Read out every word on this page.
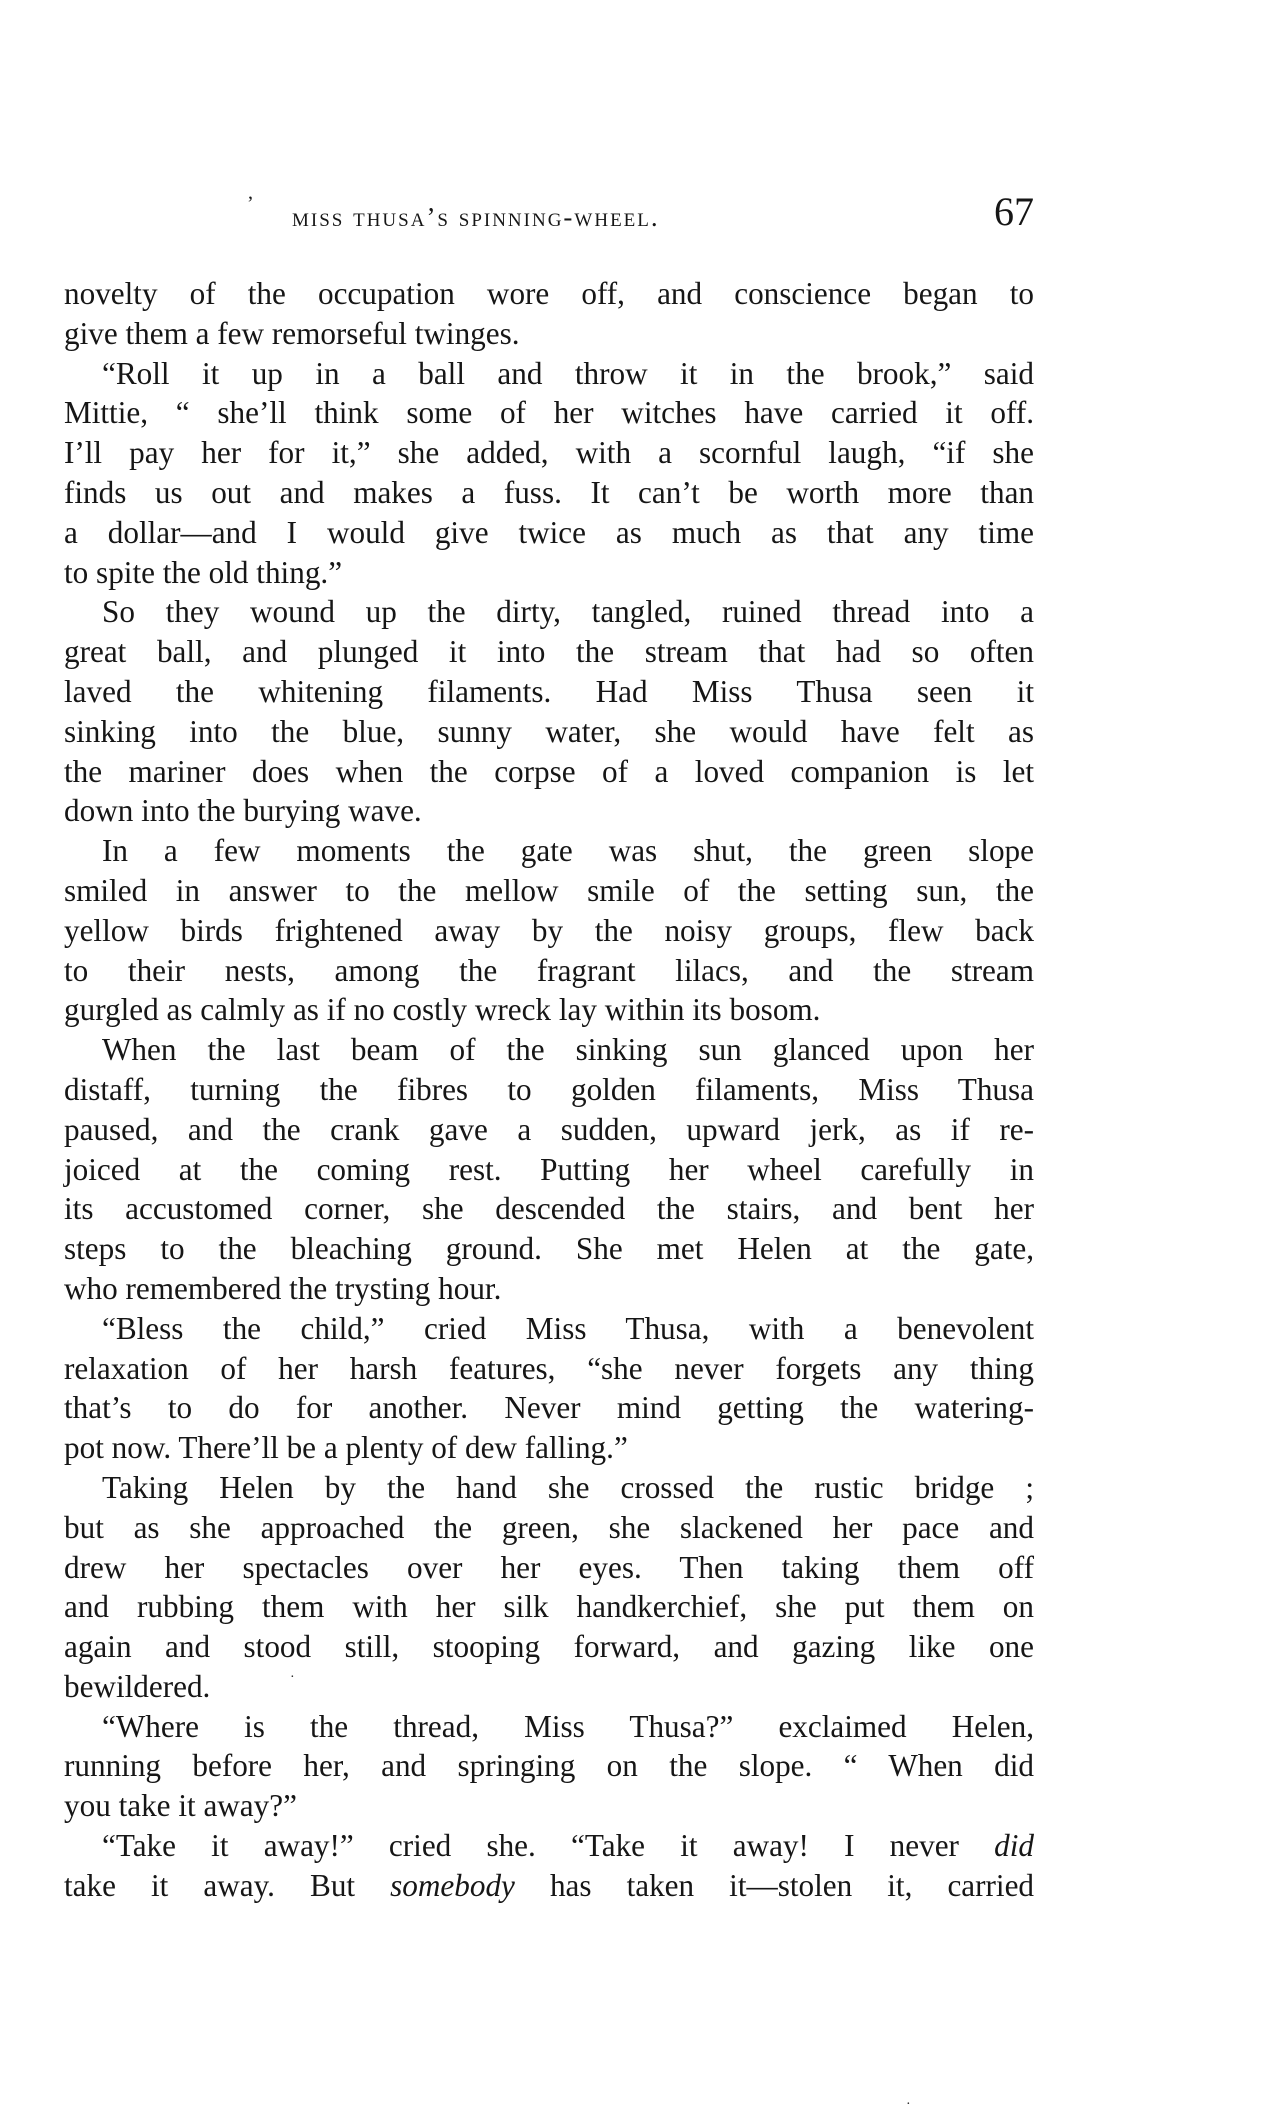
ʼ miss thusa’s spinning-wheel.	67
novelty of the occupation wore off, and conscience began to
give them a few remorseful twinges.
“Roll it up in a ball and throw it in the brook,” said
Mittie, “ she’ll think some of her witches have carried it off.
I’ll pay her for it,” she added, with a scornful laugh, “if she
finds us out and makes a fuss. It can’t be worth more than
a dollar—and I would give twice as much as that any time
to spite the old thing.”
So they wound up the dirty, tangled, ruined thread into a
great ball, and plunged it into the stream that had so often
laved the whitening filaments. Had Miss Thusa seen it
sinking into the blue, sunny water, she would have felt as
the mariner does when the corpse of a loved companion is let
down into the burying wave.
In a few moments the gate was shut, the green slope
smiled in answer to the mellow smile of the setting sun, the
yellow birds frightened away by the noisy groups, flew back
to their nests, among the fragrant lilacs, and the stream
gurgled as calmly as if no costly wreck lay within its bosom.
When the last beam of the sinking sun glanced upon her
distaff, turning the fibres to golden filaments, Miss Thusa
paused, and the crank gave a sudden, upward jerk, as if re-
joiced at the coming rest. Putting her wheel carefully in
its accustomed corner, she descended the stairs, and bent her
steps to the bleaching ground. She met Helen at the gate,
who remembered the trysting hour.
“Bless the child,” cried Miss Thusa, with a benevolent
relaxation of her harsh features, “she never forgets any thing
that’s to do for another. Never mind getting the watering-
pot now. There’ll be a plenty of dew falling.”
Taking Helen by the hand she crossed the rustic bridge ;
but as she approached the green, she slackened her pace and
drew her spectacles over her eyes. Then taking them off
and rubbing them with her silk handkerchief, she put them on
again and stood still, stooping forward, and gazing like one
bewildered.
“Where is the thread, Miss Thusa?” exclaimed Helen,
running before her, and springing on the slope. “ When did
you take it away?”
“Take it away!” cried she. “Take it away! I never did
take it away. But somebody has taken it—stolen it, carried
·
·
